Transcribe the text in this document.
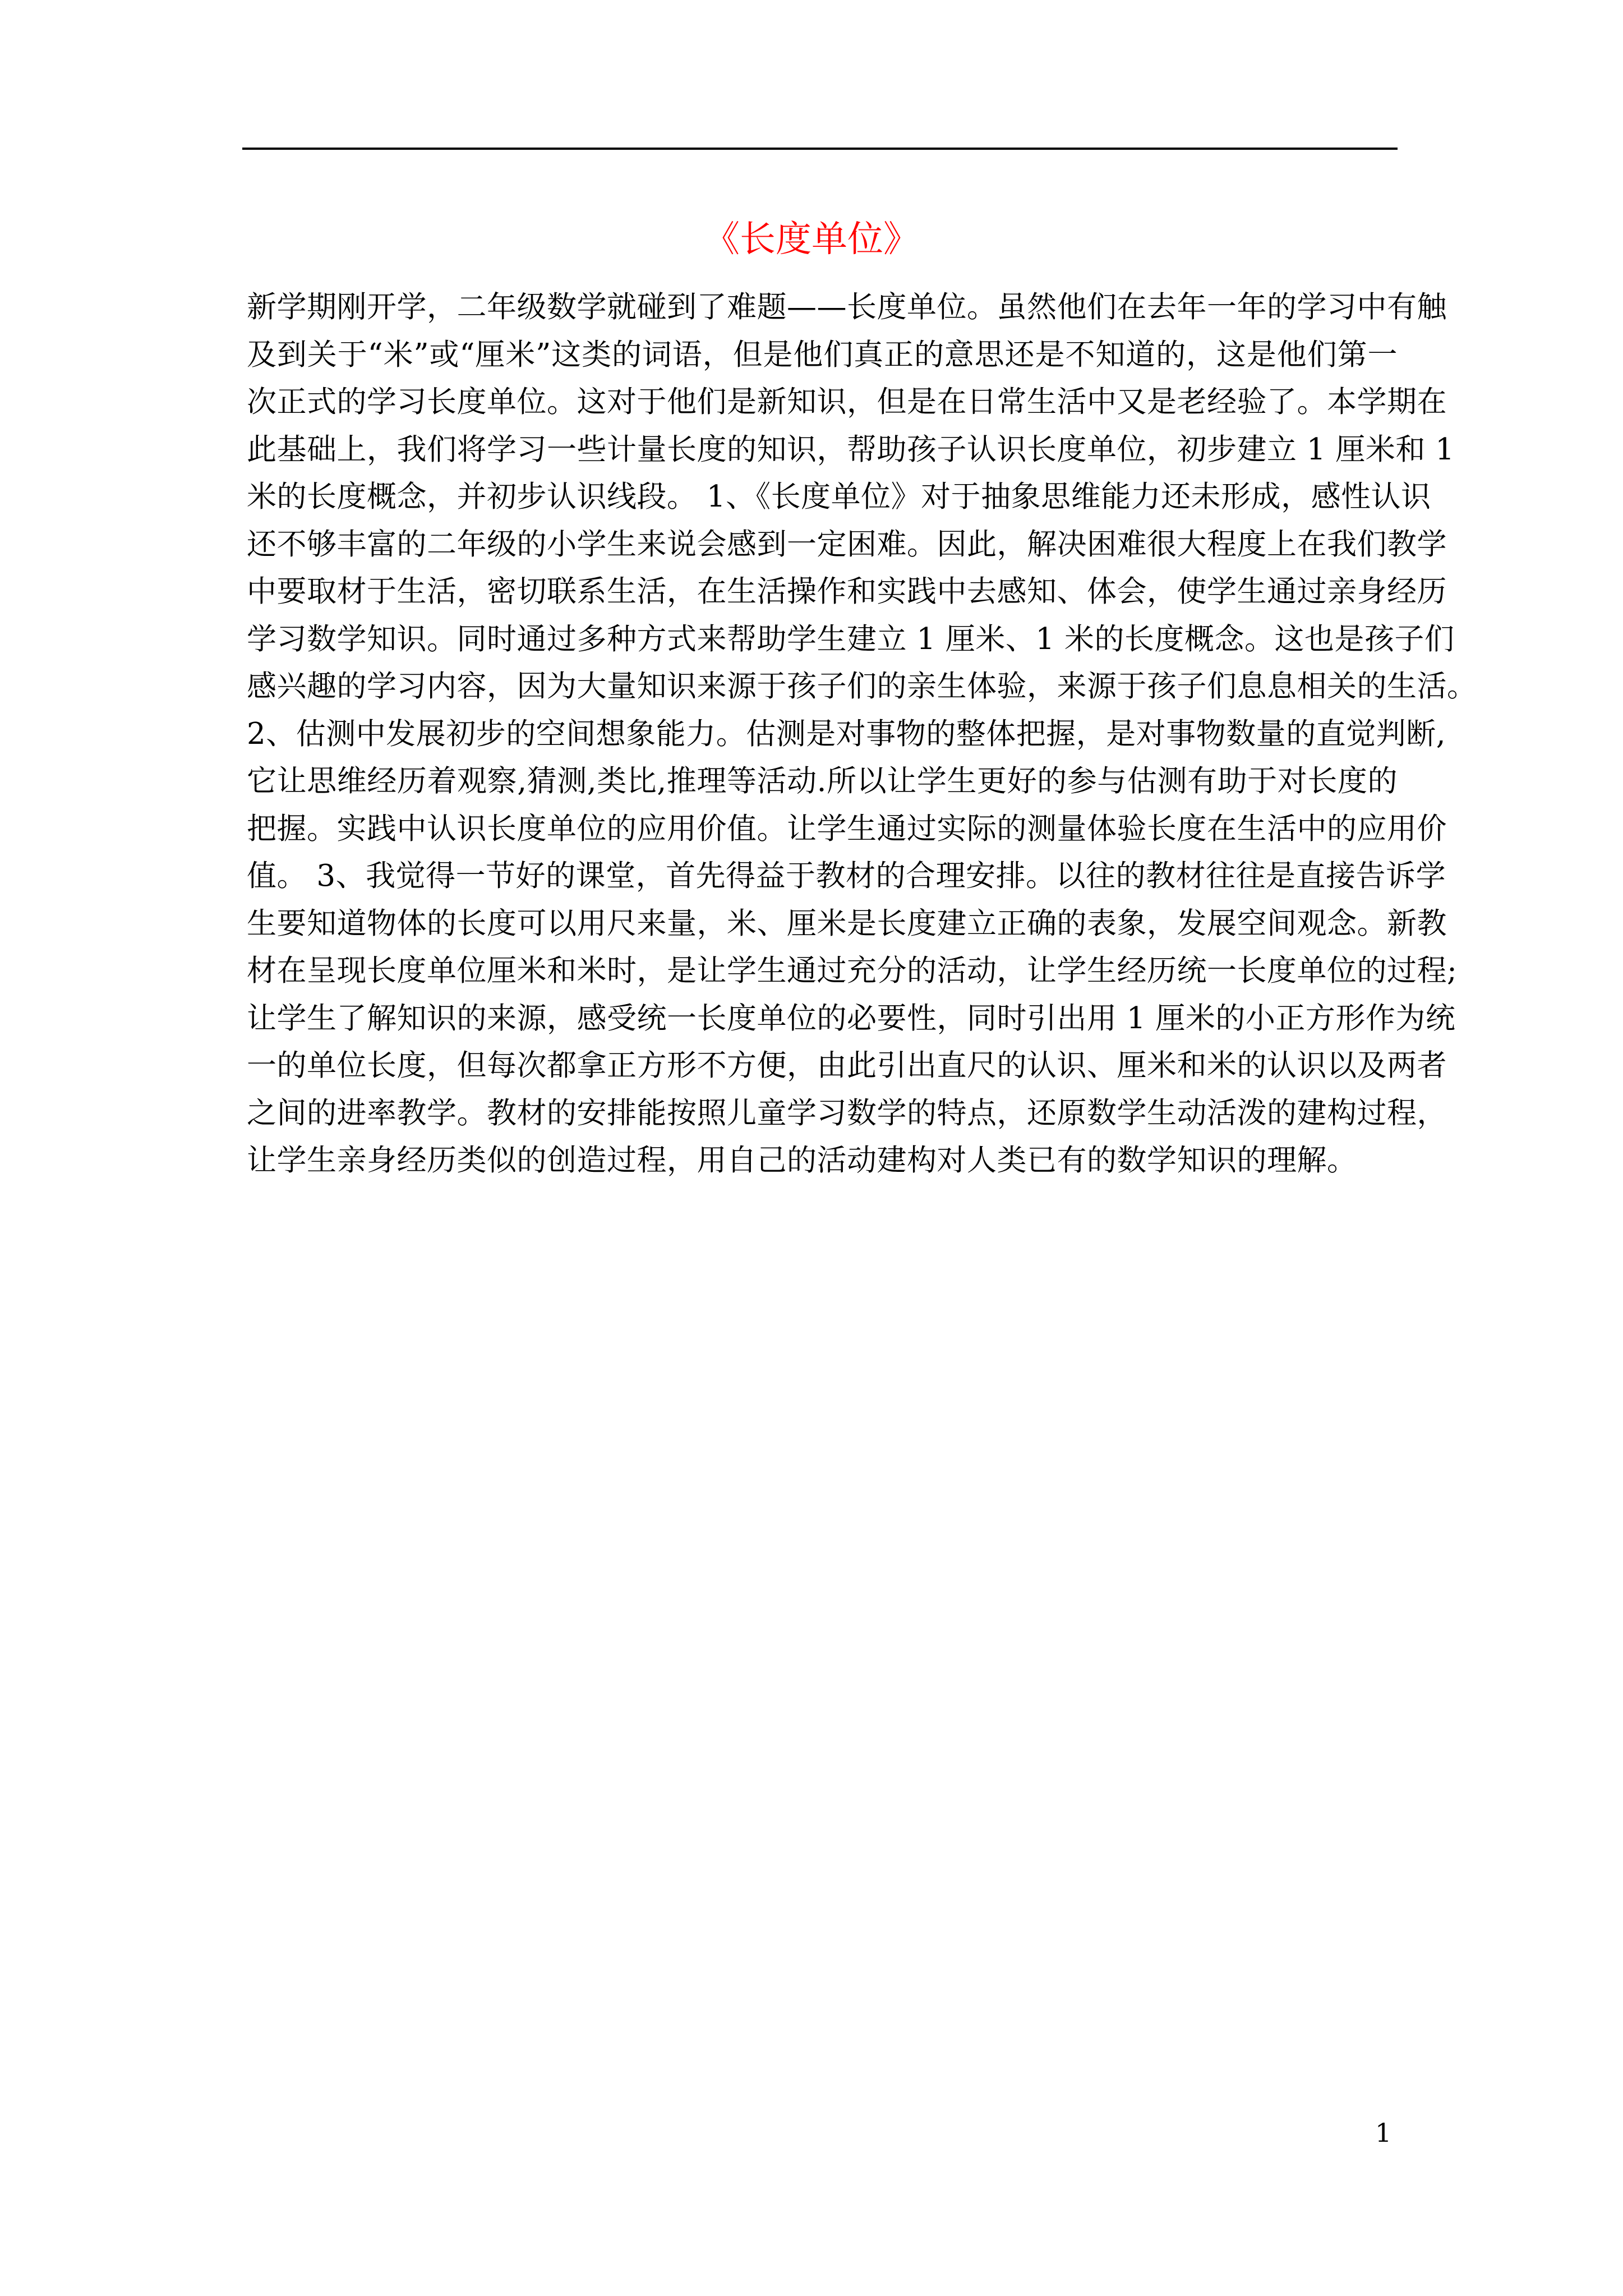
《长度单位》
新学期刚开学，二年级数学就碰到了难题——长度单位。虽然他们在去年一年的学习中有触
及到关于“米”或“厘米”这类的词语，但是他们真正的意思还是不知道的，这是他们第一
次正式的学习长度单位。这对于他们是新知识，但是在日常生活中又是老经验了。本学期在
此基础上，我们将学习一些计量长度的知识，帮助孩子认识长度单位，初步建立 1 厘米和 1
米的长度概念，并初步认识线段。 1、《长度单位》对于抽象思维能力还未形成，感性认识
还不够丰富的二年级的小学生来说会感到一定困难。因此，解决困难很大程度上在我们教学
中要取材于生活，密切联系生活，在生活操作和实践中去感知、体会，使学生通过亲身经历
学习数学知识。同时通过多种方式来帮助学生建立 1 厘米、1 米的长度概念。这也是孩子们
感兴趣的学习内容，因为大量知识来源于孩子们的亲生体验，来源于孩子们息息相关的生活。
2、估测中发展初步的空间想象能力。估测是对事物的整体把握，是对事物数量的直觉判断,
它让思维经历着观察,猜测,类比,推理等活动.所以让学生更好的参与估测有助于对长度的
把握。实践中认识长度单位的应用价值。让学生通过实际的测量体验长度在生活中的应用价
值。 3、我觉得一节好的课堂，首先得益于教材的合理安排。以往的教材往往是直接告诉学
生要知道物体的长度可以用尺来量，米、厘米是长度建立正确的表象，发展空间观念。新教
材在呈现长度单位厘米和米时，是让学生通过充分的活动，让学生经历统一长度单位的过程;
让学生了解知识的来源，感受统一长度单位的必要性，同时引出用 1 厘米的小正方形作为统
一的单位长度，但每次都拿正方形不方便，由此引出直尺的认识、厘米和米的认识以及两者
之间的进率教学。教材的安排能按照儿童学习数学的特点，还原数学生动活泼的建构过程，
让学生亲身经历类似的创造过程，用自己的活动建构对人类已有的数学知识的理解。

1
